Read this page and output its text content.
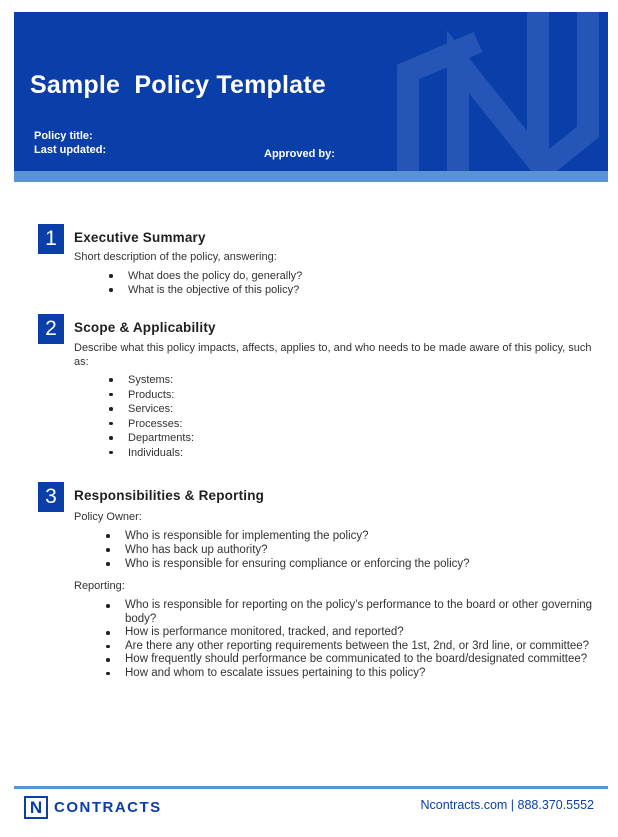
Sample  Policy Template
Policy title:
Last updated:	Approved by:
1	Executive Summary
Short description of the policy, answering:
What does the policy do, generally?
What is the objective of this policy?
2	Scope & Applicability
Describe what this policy impacts, affects, applies to, and who needs to be made aware of this policy, such as:
Systems:
Products:
Services:
Processes:
Departments:
Individuals:
3	Responsibilities & Reporting
Policy Owner:
Who is responsible for implementing the policy?
Who has back up authority?
Who is responsible for ensuring compliance or enforcing the policy?
Reporting:
Who is responsible for reporting on the policy’s performance to the board or other governing body?
How is performance monitored, tracked, and reported?
Are there any other reporting requirements between the 1st, 2nd, or 3rd line, or committee?
How frequently should performance be communicated to the board/designated committee?
How and whom to escalate issues pertaining to this policy?
N CONTRACTS	Ncontracts.com | 888.370.5552
